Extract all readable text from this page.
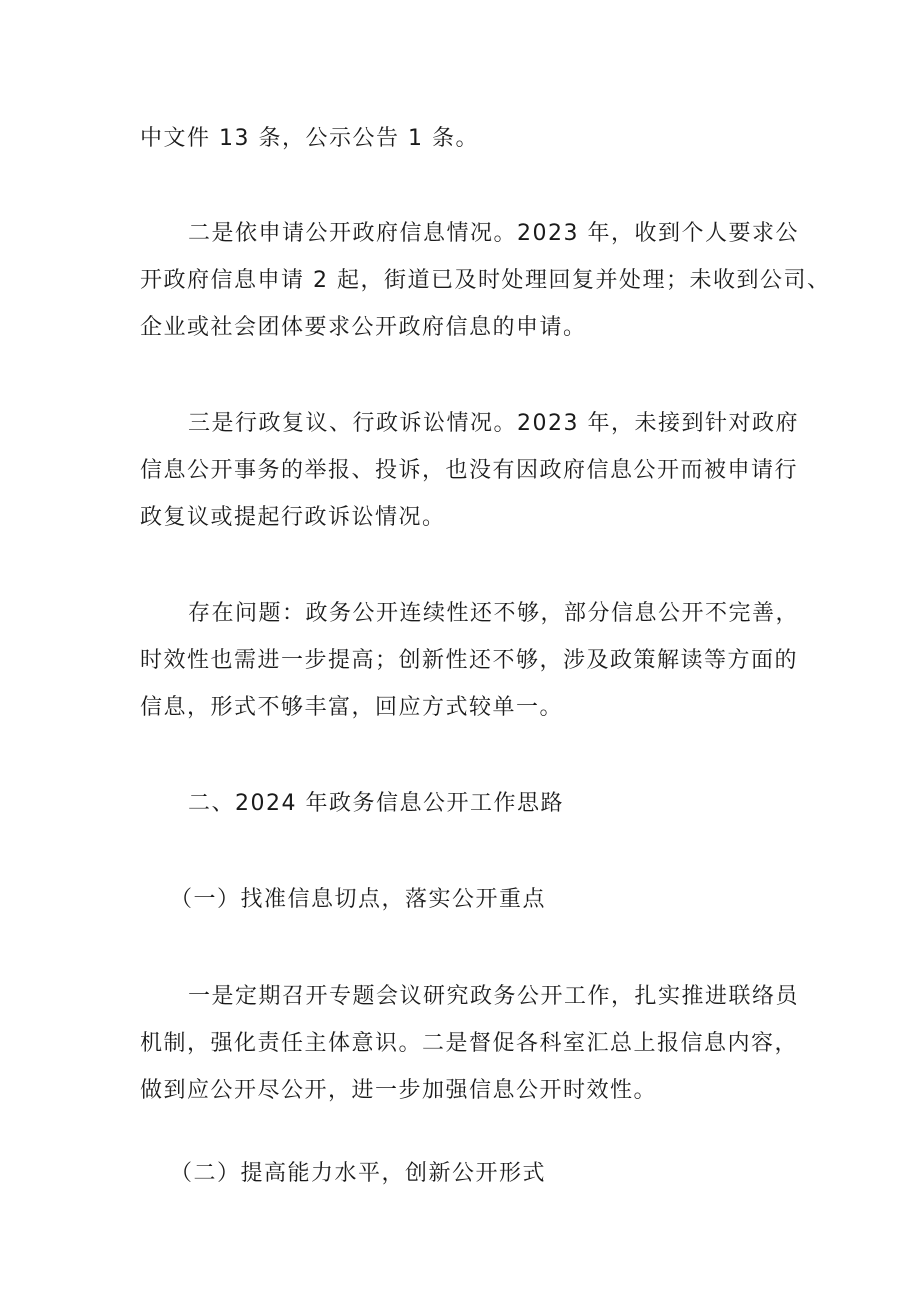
中文件 13 条，公示公告 1 条。
二是依申请公开政府信息情况。2023 年，收到个人要求公
开政府信息申请 2 起，街道已及时处理回复并处理；未收到公司、
企业或社会团体要求公开政府信息的申请。
三是行政复议、行政诉讼情况。2023 年，未接到针对政府
信息公开事务的举报、投诉，也没有因政府信息公开而被申请行
政复议或提起行政诉讼情况。
存在问题：政务公开连续性还不够，部分信息公开不完善，
时效性也需进一步提高；创新性还不够，涉及政策解读等方面的
信息，形式不够丰富，回应方式较单一。
二、2024 年政务信息公开工作思路
（一）找准信息切点，落实公开重点
一是定期召开专题会议研究政务公开工作，扎实推进联络员
机制，强化责任主体意识。二是督促各科室汇总上报信息内容，
做到应公开尽公开，进一步加强信息公开时效性。
（二）提高能力水平，创新公开形式
